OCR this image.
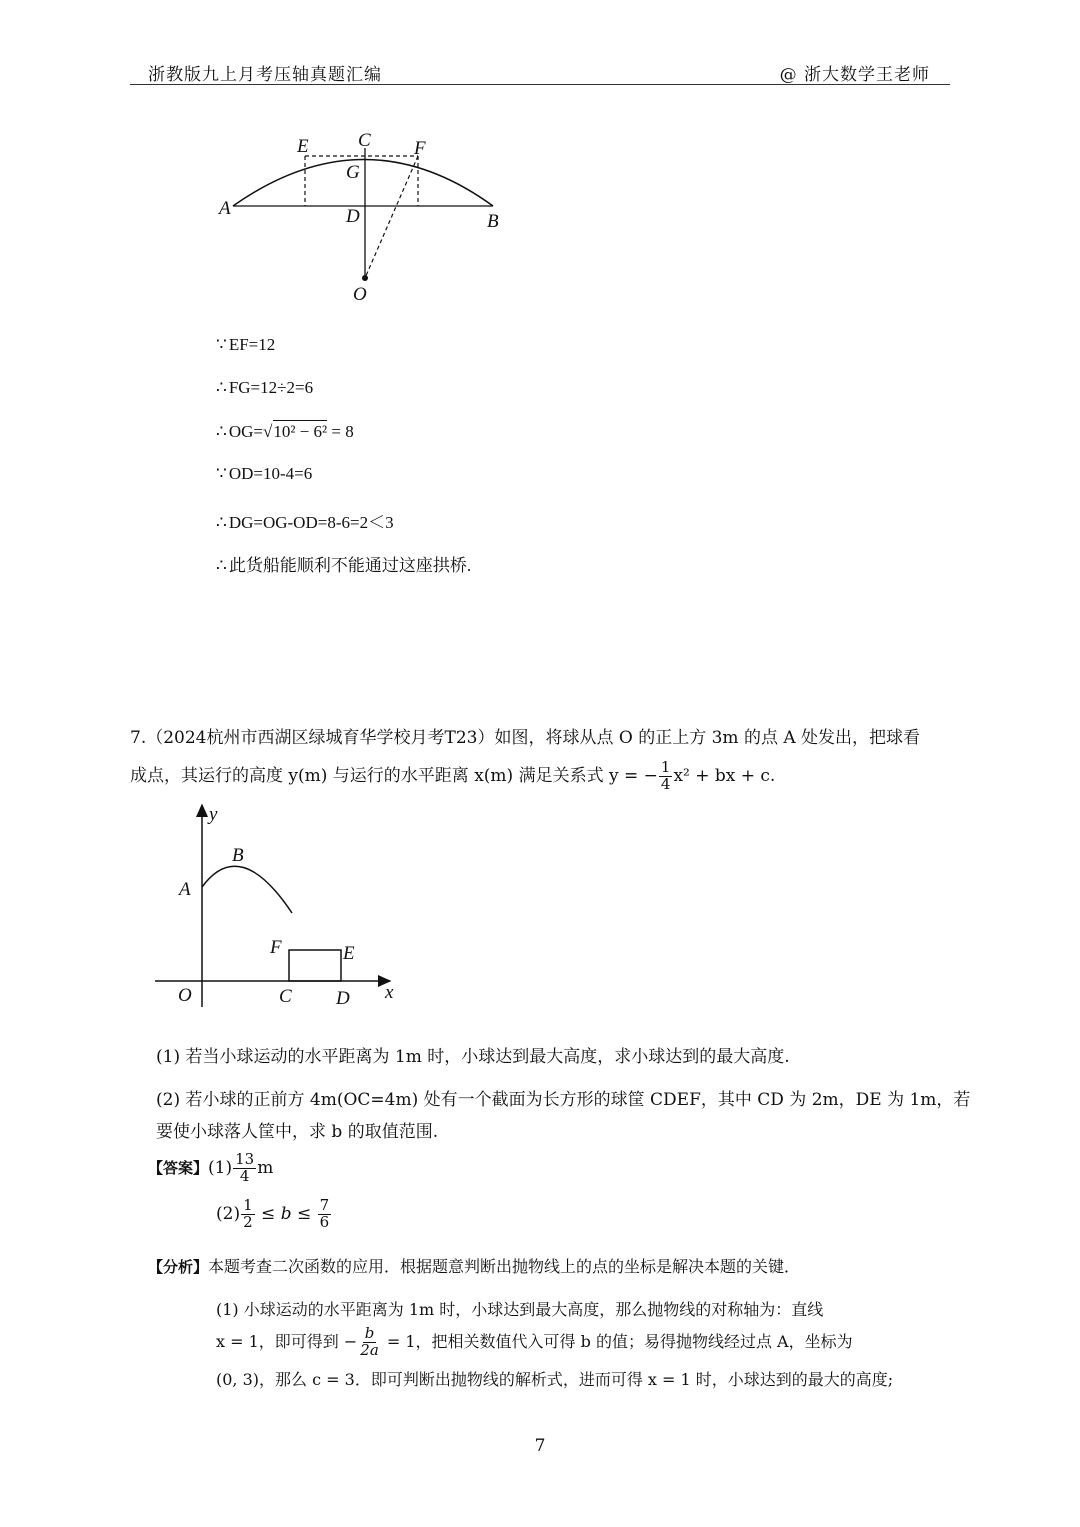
浙教版九上月考压轴真题汇编	@ 浙大数学王老师
A
B
C
D
E	F
G
O
∵ EF=12
∴ FG=12÷2=6
∴ OG=√10² − 6² = 8
∵ OD=10-4=6
∴ DG=OG-OD=8-6=2＜3
∴ 此货船能顺利不能通过这座拱桥.
7.（2024杭州市西湖区绿城育华学校月考T23）如图，将球从点 O 的正上方 3m 的点 A 处发出，把球看
成点，其运行的高度 y(m) 与运行的水平距离 x(m) 满足关系式 y = − $\frac{1}{4} x^2$ + bx + c.
y
B
A
F	E
O	C D x
(1) 若当小球运动的水平距离为 1m 时，小球达到最大高度，求小球达到的最大高度.
(2) 若小球的正前方 4m(OC=4m) 处有一个截面为长方形的球筐 CDEF，其中 CD 为 2m，DE 为 1m，若
要使小球落人筐中，求 b 的取值范围.
【答案】$(1) \frac{13}{4}$ m
$(2) \frac{1}{2} \le b \le \frac{7}{6}$
【分析】本题考查二次函数的应用．根据题意判断出抛物线上的点的坐标是解决本题的关键．
(1) 小球运动的水平距离为 1m 时，小球达到最大高度，那么抛物线的对称轴为：直线
x = 1，即可得到 − $\frac{b}{2a} = 1$，把相关数值代入可得 b 的值；易得抛物线经过点 A，坐标为
(0, 3)，那么 c = 3．即可判断出抛物线的解析式，进而可得 x = 1 时，小球达到的最大的高度;
7
